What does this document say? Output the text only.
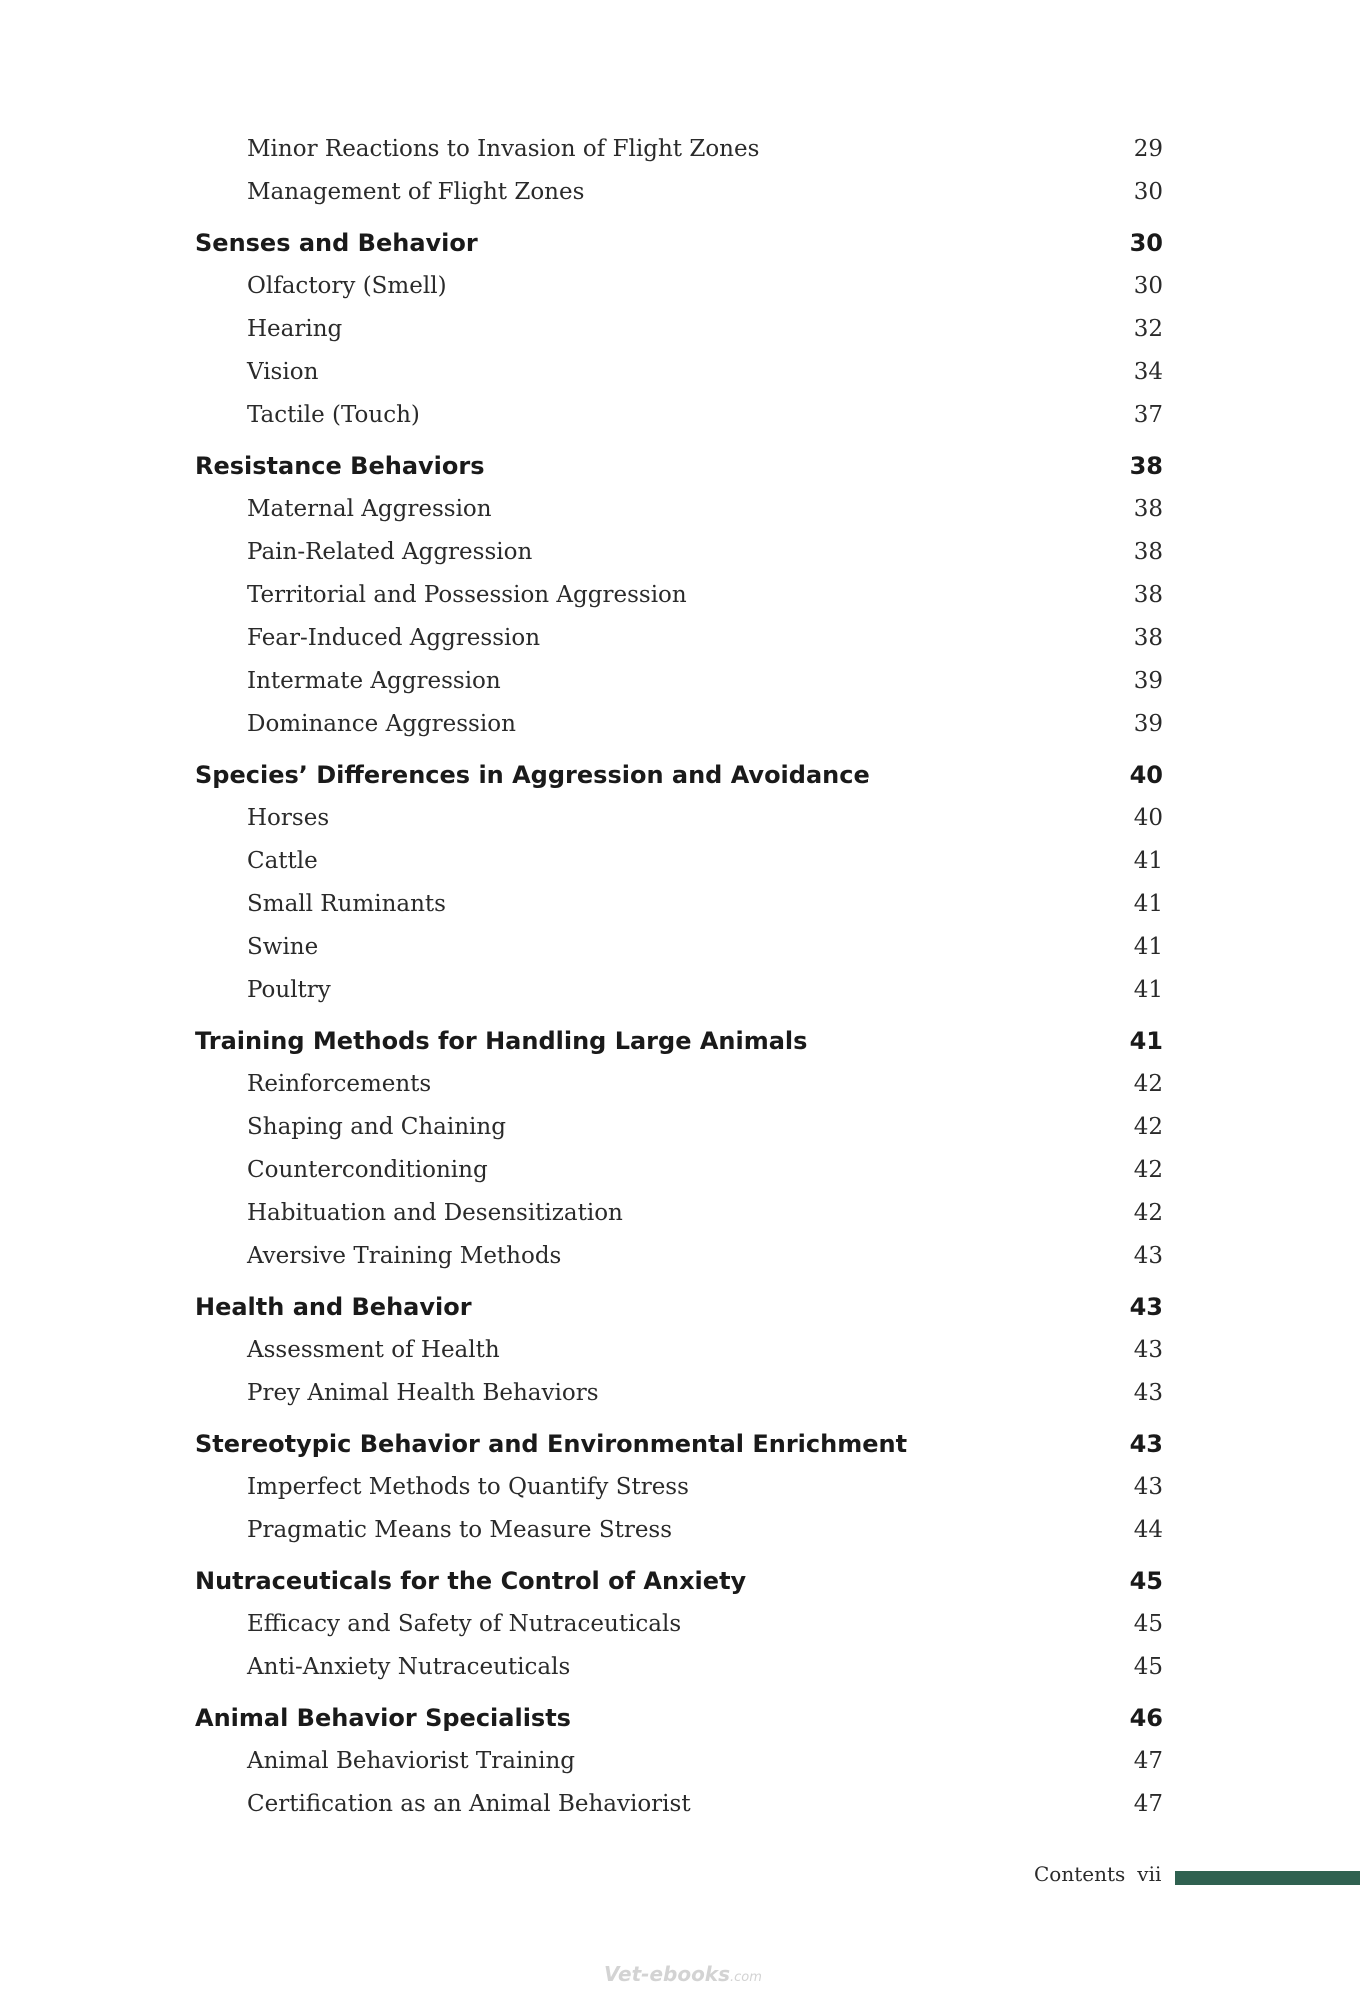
Minor Reactions to Invasion of Flight Zones	29
Management of Flight Zones	30
Senses and Behavior	30
Olfactory (Smell)	30
Hearing	32
Vision	34
Tactile (Touch)	37
Resistance Behaviors	38
Maternal Aggression	38
Pain-Related Aggression	38
Territorial and Possession Aggression	38
Fear-Induced Aggression	38
Intermate Aggression	39
Dominance Aggression	39
Species’ Differences in Aggression and Avoidance	40
Horses	40
Cattle	41
Small Ruminants	41
Swine	41
Poultry	41
Training Methods for Handling Large Animals	41
Reinforcements	42
Shaping and Chaining	42
Counterconditioning	42
Habituation and Desensitization	42
Aversive Training Methods	43
Health and Behavior	43
Assessment of Health	43
Prey Animal Health Behaviors	43
Stereotypic Behavior and Environmental Enrichment	43
Imperfect Methods to Quantify Stress	43
Pragmatic Means to Measure Stress	44
Nutraceuticals for the Control of Anxiety	45
Efficacy and Safety of Nutraceuticals	45
Anti-Anxiety Nutraceuticals	45
Animal Behavior Specialists	46
Animal Behaviorist Training	47
Certification as an Animal Behaviorist	47
Contents vii
Vet-ebooks.com
